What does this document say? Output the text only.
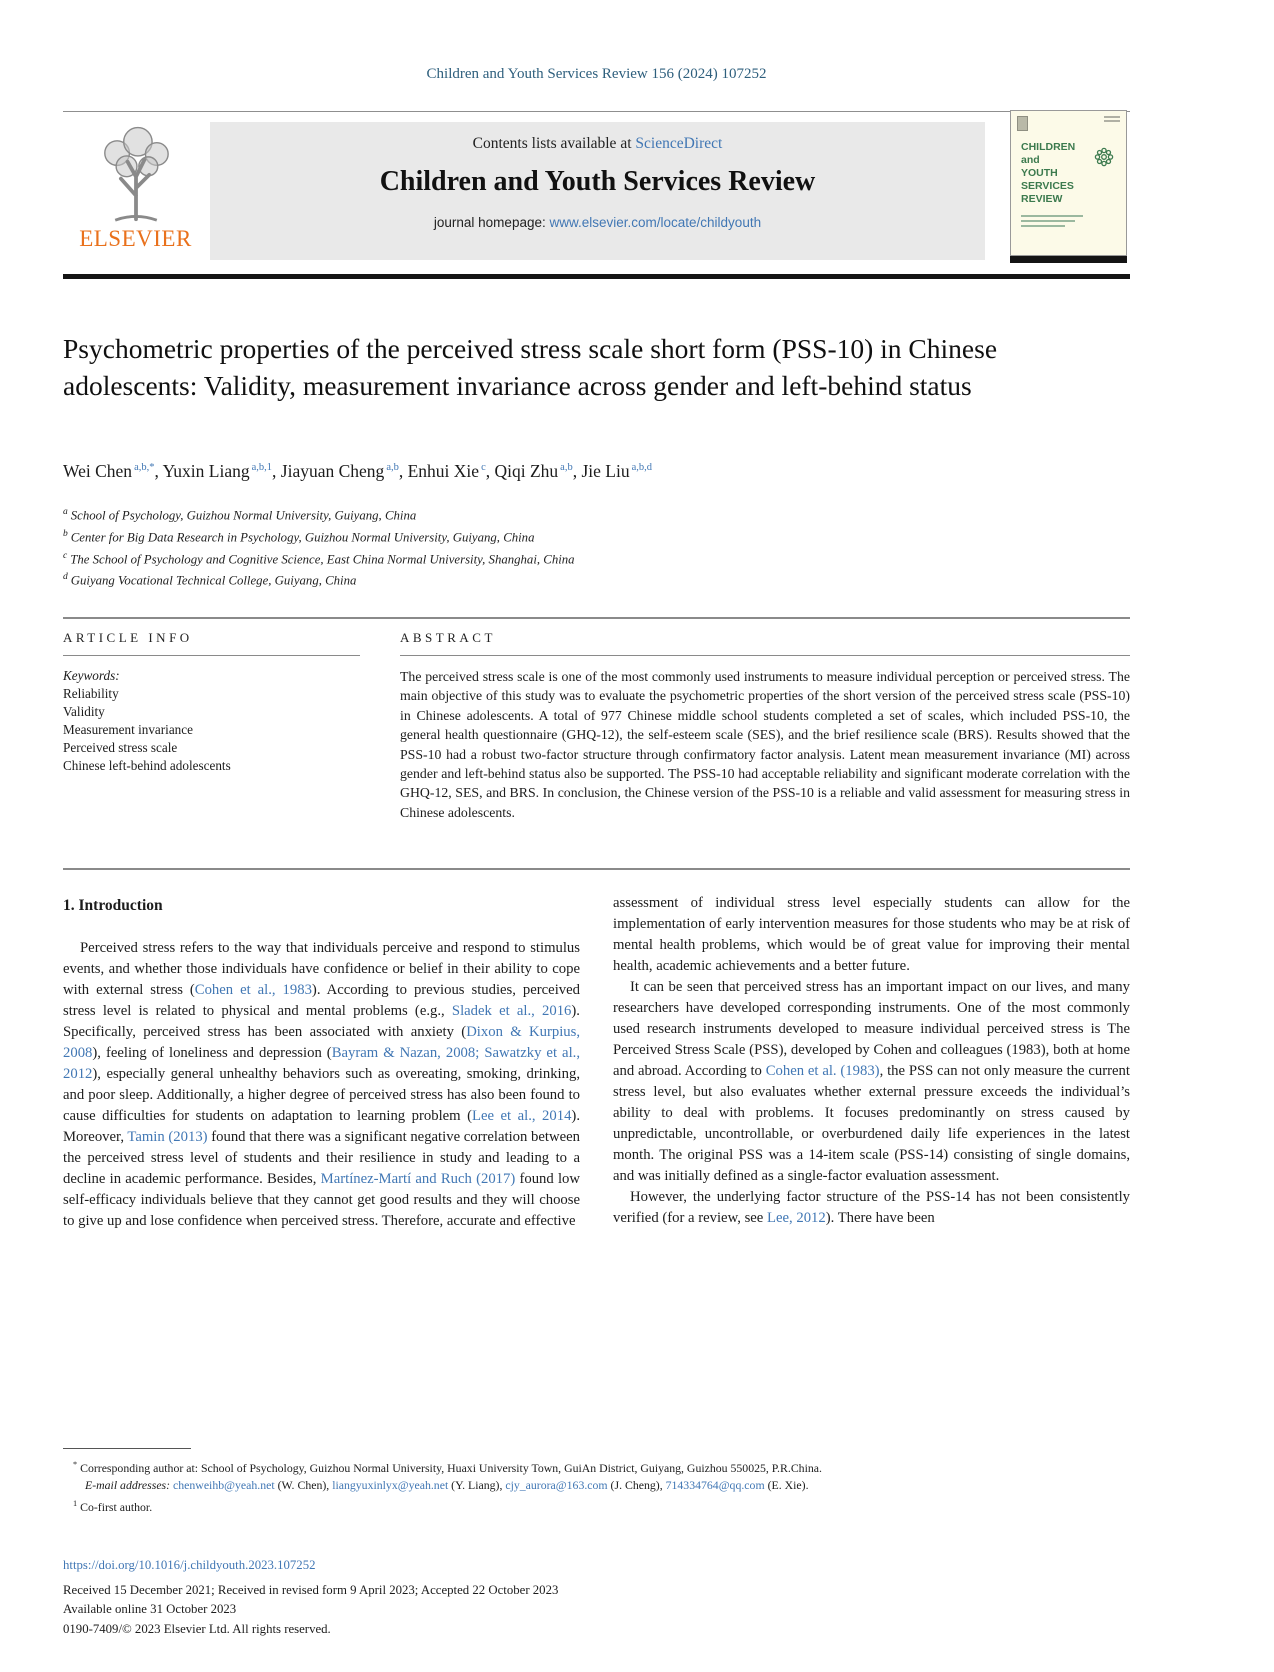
Children and Youth Services Review 156 (2024) 107252
ELSEVIER
Contents lists available at ScienceDirect
Children and Youth Services Review
journal homepage: www.elsevier.com/locate/childyouth
CHILDREN
and
YOUTH
SERVICES
REVIEW
Psychometric properties of the perceived stress scale short form (PSS-10) in Chinese adolescents: Validity, measurement invariance across gender and left-behind status
Wei Chen $^{a,b,*}$, Yuxin Liang $^{a,b,1}$, Jiayuan Cheng $^{a,b}$, Enhui Xie $^c$, Qiqi Zhu $^{a,b}$, Jie Liu $^{a,b,d}$
$^a$ School of Psychology, Guizhou Normal University, Guiyang, China
$^b$ Center for Big Data Research in Psychology, Guizhou Normal University, Guiyang, China
$^c$ The School of Psychology and Cognitive Science, East China Normal University, Shanghai, China
$^d$ Guiyang Vocational Technical College, Guiyang, China
ARTICLE INFO
Keywords:
Reliability
Validity
Measurement invariance
Perceived stress scale
Chinese left-behind adolescents
ABSTRACT
The perceived stress scale is one of the most commonly used instruments to measure individual perception or perceived stress. The main objective of this study was to evaluate the psychometric properties of the short version of the perceived stress scale (PSS-10) in Chinese adolescents. A total of 977 Chinese middle school students completed a set of scales, which included PSS-10, the general health questionnaire (GHQ-12), the self-esteem scale (SES), and the brief resilience scale (BRS). Results showed that the PSS-10 had a robust two-factor structure through confirmatory factor analysis. Latent mean measurement invariance (MI) across gender and left-behind status also be supported. The PSS-10 had acceptable reliability and significant moderate correlation with the GHQ-12, SES, and BRS. In conclusion, the Chinese version of the PSS-10 is a reliable and valid assessment for measuring stress in Chinese adolescents.
1. Introduction

Perceived stress refers to the way that individuals perceive and respond to stimulus events, and whether those individuals have confidence or belief in their ability to cope with external stress (Cohen et al., 1983). According to previous studies, perceived stress level is related to physical and mental problems (e.g., Sladek et al., 2016). Specifically, perceived stress has been associated with anxiety (Dixon & Kurpius, 2008), feeling of loneliness and depression (Bayram & Nazan, 2008; Sawatzky et al., 2012), especially general unhealthy behaviors such as overeating, smoking, drinking, and poor sleep. Additionally, a higher degree of perceived stress has also been found to cause difficulties for students on adaptation to learning problem (Lee et al., 2014). Moreover, Tamin (2013) found that there was a significant negative correlation between the perceived stress level of students and their resilience in study and leading to a decline in academic performance. Besides, Martínez-Martí and Ruch (2017) found low self-efficacy individuals believe that they cannot get good results and they will choose to give up and lose confidence when perceived stress. Therefore, accurate and effective

assessment of individual stress level especially students can allow for the implementation of early intervention measures for those students who may be at risk of mental health problems, which would be of great value for improving their mental health, academic achievements and a better future.

It can be seen that perceived stress has an important impact on our lives, and many researchers have developed corresponding instruments. One of the most commonly used research instruments developed to measure individual perceived stress is The Perceived Stress Scale (PSS), developed by Cohen and colleagues (1983), both at home and abroad. According to Cohen et al. (1983), the PSS can not only measure the current stress level, but also evaluates whether external pressure exceeds the individual’s ability to deal with problems. It focuses predominantly on stress caused by unpredictable, uncontrollable, or overburdened daily life experiences in the latest month. The original PSS was a 14-item scale (PSS-14) consisting of single domains, and was initially defined as a single-factor evaluation assessment.

However, the underlying factor structure of the PSS-14 has not been consistently verified (for a review, see Lee, 2012). There have been

* Corresponding author at: School of Psychology, Guizhou Normal University, Huaxi University Town, GuiAn District, Guiyang, Guizhou 550025, P.R.China.
E-mail addresses: chenweihb@yeah.net (W. Chen), liangyuxinlyx@yeah.net (Y. Liang), cjy_aurora@163.com (J. Cheng), 714334764@qq.com (E. Xie).
$^1$ Co-first author.
https://doi.org/10.1016/j.childyouth.2023.107252
Received 15 December 2021; Received in revised form 9 April 2023; Accepted 22 October 2023
Available online 31 October 2023
0190-7409/© 2023 Elsevier Ltd. All rights reserved.
